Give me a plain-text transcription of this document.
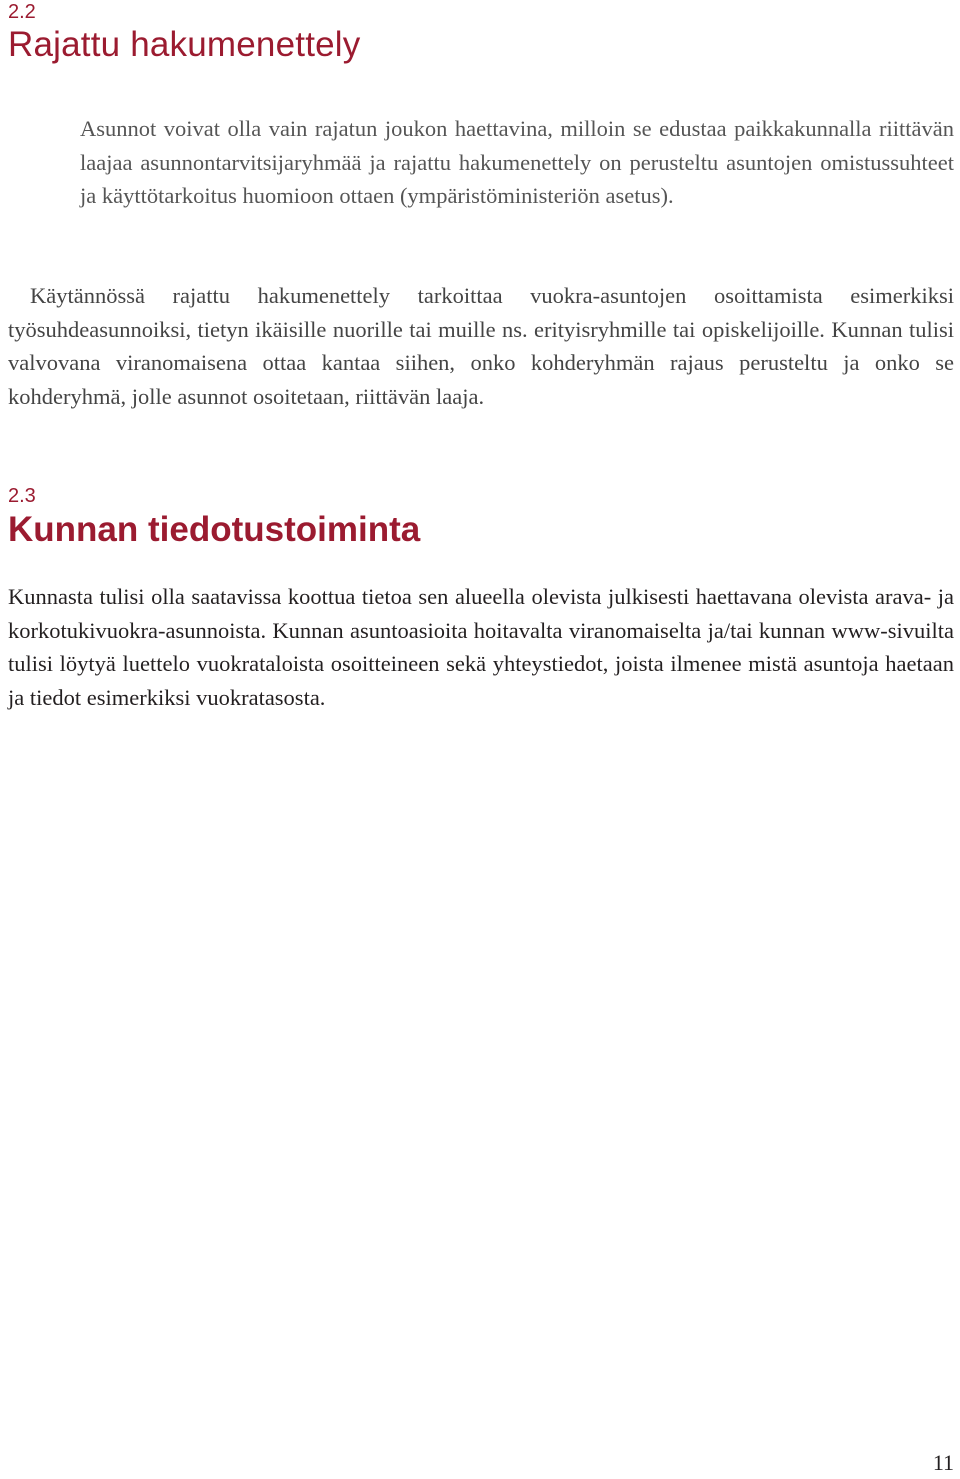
2.2

Rajattu hakumenettely

Asunnot voivat olla vain rajatun joukon haettavina, milloin se edustaa paikkakunnalla riittävän laajaa asunnontarvitsijaryhmää ja rajattu hakumenettely on perusteltu asuntojen omistussuhteet ja käyttötarkoitus huomioon ottaen (ympäristöministeriön asetus).

Käytännössä rajattu hakumenettely tarkoittaa vuokra-asuntojen osoittamista esimerkiksi työsuhdeasunnoiksi, tietyn ikäisille nuorille tai muille ns. erityisryhmille tai opiskelijoille. Kunnan tulisi valvovana viranomaisena ottaa kantaa siihen, onko kohderyhmän rajaus perusteltu ja onko se kohderyhmä, jolle asunnot osoitetaan, riittävän laaja.

2.3

Kunnan tiedotustoiminta

Kunnasta tulisi olla saatavissa koottua tietoa sen alueella olevista julkisesti haettavana olevista arava- ja korkotukivuokra-asunnoista. Kunnan asuntoasioita hoitavalta viranomaiselta ja/tai kunnan www-sivuilta tulisi löytyä luettelo vuokrataloista osoitteineen sekä yhteystiedot, joista ilmenee mistä asuntoja haetaan ja tiedot esimerkiksi vuokratasosta.

11
